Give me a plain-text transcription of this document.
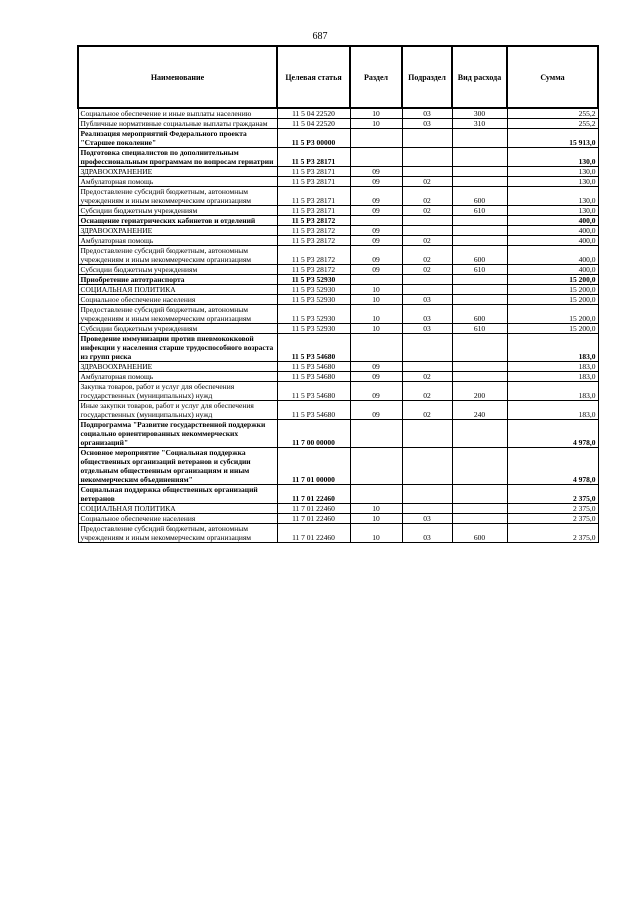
687
Наименование	Целевая статья	Раздел	Подраздел	Вид расхода	Сумма
Социальное обеспечение и иные выплаты населению	11 5 04 22520	10	03	300	255,2
Публичные нормативные социальные выплаты гражданам	11 5 04 22520	10	03	310	255,2
Реализация мероприятий Федерального проекта "Старшее поколение"	11 5 P3 00000				15 913,0
Подготовка специалистов по дополнительным профессиональным программам по вопросам гериатрии	11 5 P3 28171				130,0
ЗДРАВООХРАНЕНИЕ	11 5 P3 28171	09			130,0
Амбулаторная помощь	11 5 P3 28171	09	02		130,0
Предоставление субсидий бюджетным, автономным учреждениям и иным некоммерческим организациям	11 5 P3 28171	09	02	600	130,0
Субсидии бюджетным учреждениям	11 5 P3 28171	09	02	610	130,0
Оснащение гериатрических кабинетов и отделений	11 5 P3 28172				400,0
ЗДРАВООХРАНЕНИЕ	11 5 P3 28172	09			400,0
Амбулаторная помощь	11 5 P3 28172	09	02		400,0
Предоставление субсидий бюджетным, автономным учреждениям и иным некоммерческим организациям	11 5 P3 28172	09	02	600	400,0
Субсидии бюджетным учреждениям	11 5 P3 28172	09	02	610	400,0
Приобретение автотранспорта	11 5 P3 52930				15 200,0
СОЦИАЛЬНАЯ ПОЛИТИКА	11 5 P3 52930	10			15 200,0
Социальное обеспечение населения	11 5 P3 52930	10	03		15 200,0
Предоставление субсидий бюджетным, автономным учреждениям и иным некоммерческим организациям	11 5 P3 52930	10	03	600	15 200,0
Субсидии бюджетным учреждениям	11 5 P3 52930	10	03	610	15 200,0
Проведение иммунизации против пневмококковой инфекции у населения старше трудоспособного возраста из групп риска	11 5 P3 54680				183,0
ЗДРАВООХРАНЕНИЕ	11 5 P3 54680	09			183,0
Амбулаторная помощь	11 5 P3 54680	09	02		183,0
Закупка товаров, работ и услуг для обеспечения государственных (муниципальных) нужд	11 5 P3 54680	09	02	200	183,0
Иные закупки товаров, работ и услуг для обеспечения государственных (муниципальных) нужд	11 5 P3 54680	09	02	240	183,0
Подпрограмма "Развитие государственной поддержки социально ориентированных некоммерческих организаций"	11 7 00 00000				4 978,0
Основное мероприятие "Социальная поддержка общественных организаций ветеранов и субсидии отдельным общественным организациям и иным некоммерческим объединениям"	11 7 01 00000				4 978,0
Социальная поддержка общественных организаций ветеранов	11 7 01 22460				2 375,0
СОЦИАЛЬНАЯ ПОЛИТИКА	11 7 01 22460	10			2 375,0
Социальное обеспечение населения	11 7 01 22460	10	03		2 375,0
Предоставление субсидий бюджетным, автономным учреждениям и иным некоммерческим организациям	11 7 01 22460	10	03	600	2 375,0
